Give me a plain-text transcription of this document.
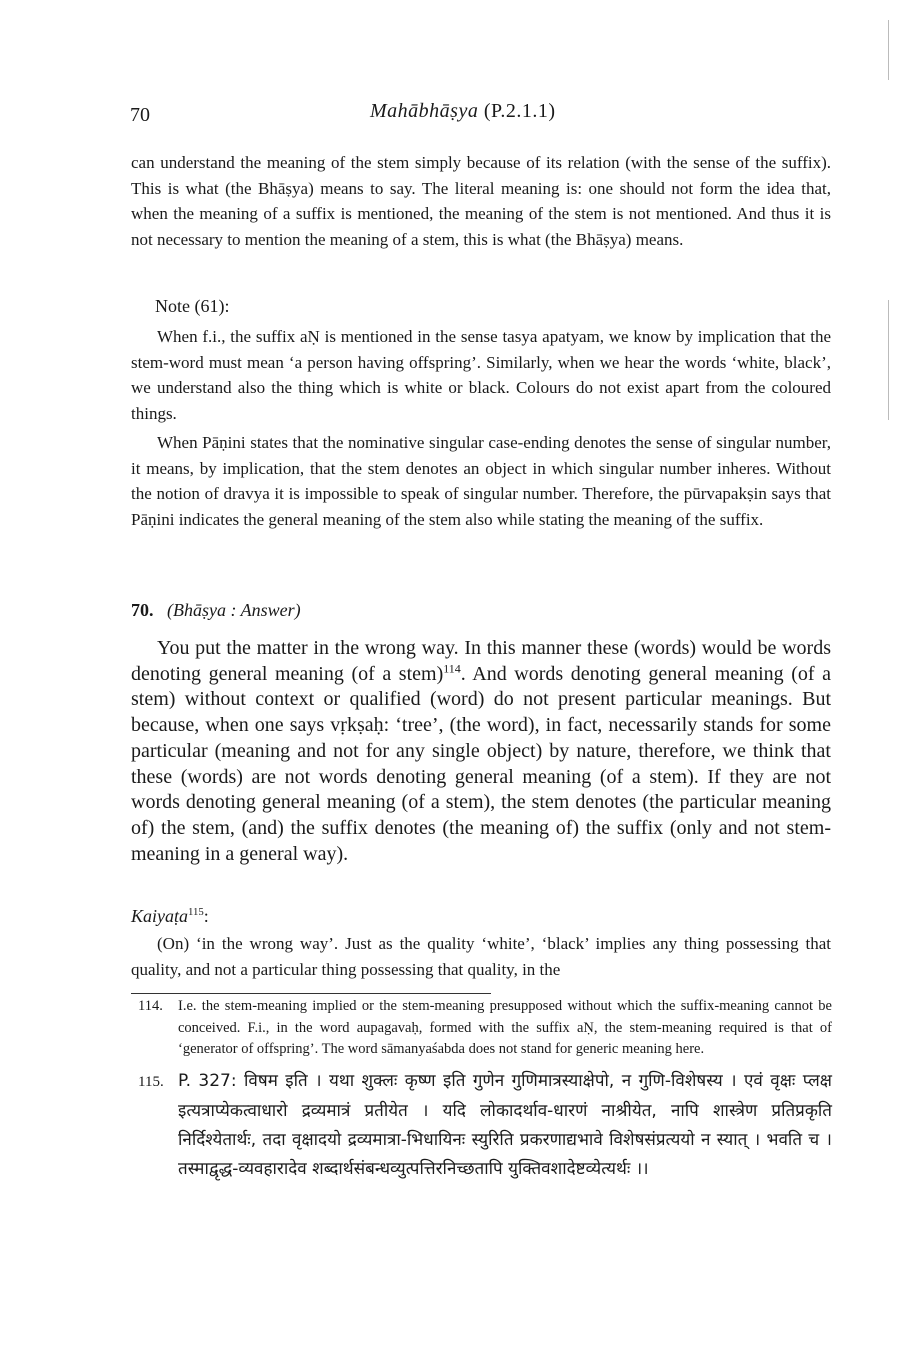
70	Mahābhāṣya (P.2.1.1)

can understand the meaning of the stem simply because of its relation (with the sense of the suffix). This is what (the Bhāṣya) means to say. The literal meaning is: one should not form the idea that, when the meaning of a suffix is mentioned, the meaning of the stem is not mentioned. And thus it is not necessary to mention the meaning of a stem, this is what (the Bhāṣya) means.

Note (61):

When f.i., the suffix aṆ is mentioned in the sense tasya apatyam, we know by implication that the stem-word must mean ‘a person having offspring’. Similarly, when we hear the words ‘white, black’, we understand also the thing which is white or black. Colours do not exist apart from the coloured things.

When Pāṇini states that the nominative singular case-ending denotes the sense of singular number, it means, by implication, that the stem denotes an object in which singular number inheres. Without the notion of dravya it is impossible to speak of singular number. Therefore, the pūrvapakṣin says that Pāṇini indicates the general meaning of the stem also while stating the meaning of the suffix.

70. (Bhāṣya : Answer)

You put the matter in the wrong way. In this manner these (words) would be words denoting general meaning (of a stem)$^{114}$. And words denoting general meaning (of a stem) without context or qualified (word) do not present particular meanings. But because, when one says vṛkṣaḥ: ‘tree’, (the word), in fact, necessarily stands for some particular (meaning and not for any single object) by nature, therefore, we think that these (words) are not words denoting general meaning (of a stem). If they are not words denoting general meaning (of a stem), the stem denotes (the particular meaning of) the stem, (and) the suffix denotes (the meaning of) the suffix (only and not stem-meaning in a general way).

Kaiyaṭa$^{115}$:

(On) ‘in the wrong way’. Just as the quality ‘white’, ‘black’ implies any thing possessing that quality, and not a particular thing possessing that quality, in the

114. I.e. the stem-meaning implied or the stem-meaning presupposed without which the suffix-meaning cannot be conceived. F.i., in the word aupagavaḥ, formed with the suffix aṆ, the stem-meaning required is that of ‘generator of offspring’. The word sāmanyaśabda does not stand for generic meaning here.

115. P. 327: विषम इति । यथा शुक्लः कृष्ण इति गुणेन गुणिमात्रस्याक्षेपो, न गुणि-विशेषस्य । एवं वृक्षः प्लक्ष इत्यत्राप्येकत्वाधारो द्रव्यमात्रं प्रतीयेत । यदि लोकादर्थाव-धारणं नाश्रीयेत, नापि शास्त्रेण प्रतिप्रकृति निर्दिश्येतार्थः, तदा वृक्षादयो द्रव्यमात्रा-भिधायिनः स्युरिति प्रकरणाद्यभावे विशेषसंप्रत्ययो न स्यात् । भवति च । तस्माद्वृद्ध-व्यवहारादेव शब्दार्थसंबन्धव्युत्पत्तिरनिच्छतापि युक्तिवशादेष्टव्येत्यर्थः ।।
